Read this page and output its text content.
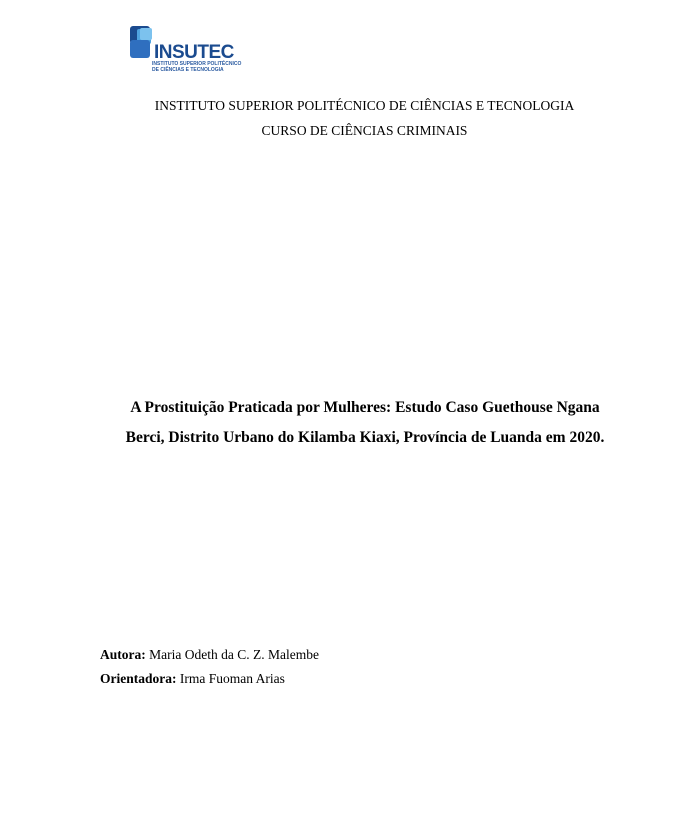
INSUTEC
INSTITUTO SUPERIOR POLITÉCNICO
DE CIÊNCIAS E TECNOLOGIA
INSTITUTO SUPERIOR POLITÉCNICO DE CIÊNCIAS E TECNOLOGIA
CURSO DE CIÊNCIAS CRIMINAIS
A Prostituição Praticada por Mulheres: Estudo Caso Guethouse Ngana
Berci, Distrito Urbano do Kilamba Kiaxi, Província de Luanda em 2020.
Autora: Maria Odeth da C. Z. Malembe
Orientadora: Irma Fuoman Arias
